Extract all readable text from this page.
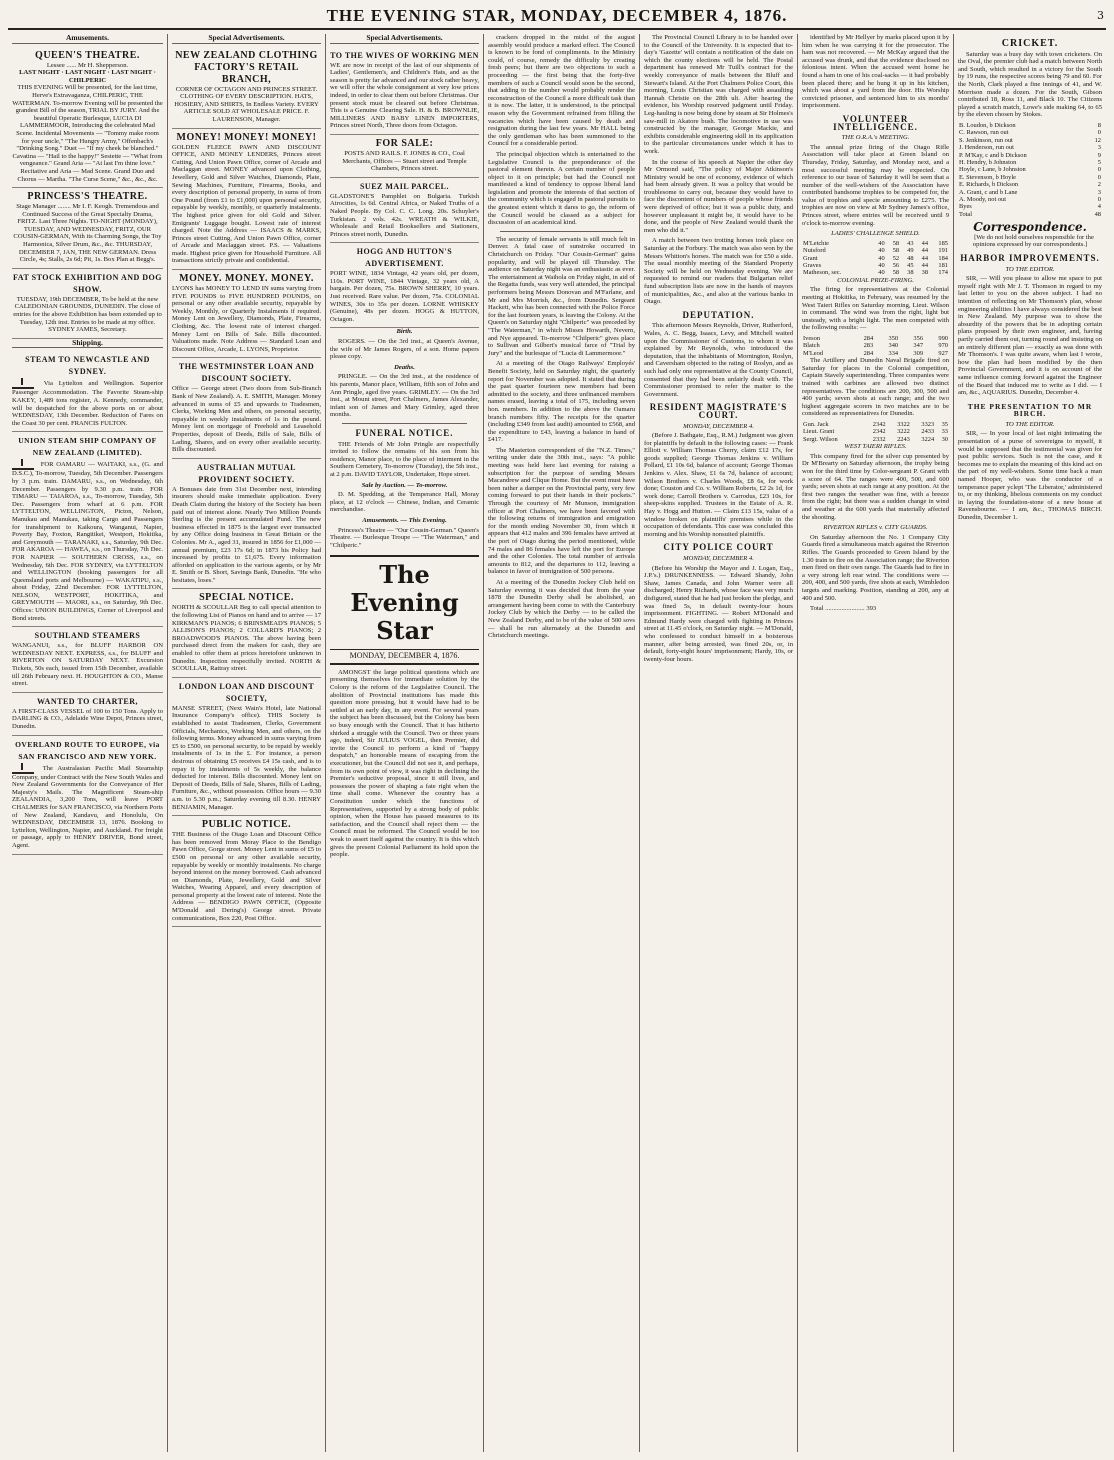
THE EVENING STAR, MONDAY, DECEMBER 4, 1876.	3
Amusements.
QUEEN'S THEATRE.
Lessee ...... Mr H. Shepperson.
LAST NIGHT · LAST NIGHT · LAST NIGHT · CHILPERIC
THIS EVENING Will be presented, for the last time, Herve's Extravaganza, CHILPERIC, THE WATERMAN. To-morrow Evening will be presented the grandest Bill of the season, TRIAL BY JURY. And the beautiful Operatic Burlesque, LUCIA DI LAMMERMOOR, Introducing the celebrated Mad Scene. Incidental Movements — "Tommy make room for your uncle," "The Hungry Army," Offenbach's "Drinking Song." Duet — "If my cheek be blanched." Cavatina — "Hail to the happy!" Sestette — "What from vengeance." Grand Aria — "At last I'm thine love." Recitative and Aria — Mad Scene. Grand Duo and Chorus — Martha. "The Curse Scene," &c., &c., &c.
PRINCESS'S THEATRE.
Stage Manager ........ Mr I. F. Keogh. Tremendous and Continued Success of the Great Specialty Drama, FRITZ. Last Three Nights. TO-NIGHT (MONDAY), TUESDAY, AND WEDNESDAY, FRITZ, OUR COUSIN-GERMAN, With its Charming Songs, the Toy Harmonica, Silver Drum, &c., &c. THURSDAY, DECEMBER 7, JAN, THE NEW GERMAN. Dress Circle, 4s; Stalls, 2s 6d; Pit, 1s. Box Plan at Begg's.
FAT STOCK EXHIBITION AND DOG SHOW.
TUESDAY, 19th DECEMBER, To be held at the new CALEDONIAN GROUNDS, DUNEDIN. The close of entries for the above Exhibition has been extended up to Tuesday, 12th inst. Entries to be made at my office. SYDNEY JAMES, Secretary.
Shipping.
STEAM TO NEWCASTLE AND SYDNEY.
Via Lyttelton and Wellington. Superior Passenger Accommodation. The Favorite Steam-ship KAKEY, 1,489 tons register, A. Kennedy, commander, will be despatched for the above ports on or about WEDNESDAY, 13th December. Reduction of Fares on the Coast 30 per cent. FRANCIS FULTON.
UNION STEAM SHIP COMPANY OF NEW ZEALAND (LIMITED).
FOR OAMARU — WAITAKI, s.s., (G. and D.S.C.), To-morrow, Tuesday, 5th December. Passengers by 3 p.m. train. DAMARU, s.s., on Wednesday, 6th December. Passengers by 9.30 p.m. train. FOR TIMARU — TAIAROA, s.s., To-morrow, Tuesday, 5th Dec. Passengers from wharf at 6 p.m. FOR LYTTELTON, WELLINGTON, Picton, Nelson, Manukau and Manukau, taking Cargo and Passengers for transhipment to Kaikoura, Wanganui, Napier, Poverty Bay, Foxton, Rangitikei, Westport, Hokitika, and Greymouth — TARANAKI, s.s., Saturday, 9th Dec. FOR AKAROA — HAWEA, s.s., on Thursday, 7th Dec. FOR NAPIER — SOUTHERN CROSS, s.s., on Wednesday, 6th Dec. FOR SYDNEY, via LYTTELTON and WELLINGTON (booking passengers for all Queensland ports and Melbourne) — WAKATIPU, s.s., about Friday, 22nd December. FOR LYTTELTON, NELSON, WESTPORT, HOKITIKA, and GREYMOUTH — MAORI, s.s., on Saturday, 9th Dec. Offices: UNION BUILDINGS, Corner of Liverpool and Bond streets.
SOUTHLAND STEAMERS
WANGANUI, s.s., for BLUFF HARBOR ON WEDNESDAY NEXT. EXPRESS, s.s., for BLUFF and RIVERTON ON SATURDAY NEXT. Excursion Tickets, 50s each, issued from 15th December, available till 26th February next. H. HOUGHTON & CO., Manse street.
WANTED TO CHARTER,
A FIRST-CLASS VESSEL of 100 to 150 Tons. Apply to DARLING & CO., Adelaide Wine Depot, Princes street, Dunedin.
OVERLAND ROUTE TO EUROPE, via SAN FRANCISCO AND NEW YORK.
The Australasian Pacific Mail Steamship Company, under Contract with the New South Wales and New Zealand Governments for the Conveyance of Her Majesty's Mails. The Magnificent Steam-ship ZEALANDIA, 3,200 Tons, will leave PORT CHALMERS for SAN FRANCISCO, via Northern Ports of New Zealand, Kandavu, and Honolulu, On WEDNESDAY, DECEMBER 13, 1876. Booking to Lyttelton, Wellington, Napier, and Auckland. For freight or passage, apply to HENRY DRIVER, Bond street, Agent.
Special Advertisements.
NEW ZEALAND CLOTHING FACTORY'S RETAIL BRANCH,
CORNER OF OCTAGON AND PRINCES STREET. CLOTHING OF EVERY DESCRIPTION. HATS, HOSIERY, AND SHIRTS, In Endless Variety. EVERY ARTICLE SOLD AT WHOLESALE PRICE. F. LAURENSON, Manager.
MONEY! MONEY! MONEY!
GOLDEN FLEECE PAWN AND DISCOUNT OFFICE, AND MONEY LENDERS, Princes street Cutting, And Union Pawn Office, corner of Arcade and Maclaggan street. MONEY advanced upon Clothing, Jewellery, Gold and Silver Watches, Diamonds, Plate, Sewing Machines, Furniture, Firearms, Books, and every description of personal property, in sums of from One Pound (from £1 to £1,000) upon personal security, repayable by weekly, monthly, or quarterly instalments. The highest price given for old Gold and Silver. Emigrants' Luggage bought. Lowest rate of interest charged. Note the Address — ISAACS & MARKS, Princes street Cutting, And Union Pawn Office, corner of Arcade and Maclaggan street. P.S. — Valuations made. Highest price given for Household Furniture. All transactions strictly private and confidential.
MONEY. MONEY. MONEY.
LYONS has MONEY TO LEND IN sums varying from FIVE POUNDS to FIVE HUNDRED POUNDS, on personal or any other available security, repayable by Weekly, Monthly, or Quarterly Instalments if required. Money Lent on Jewellery, Diamonds, Plate, Firearms, Clothing, &c. The lowest rate of interest charged. Money Lent on Bills of Sale. Bills discounted. Valuations made. Note Address — Standard Loan and Discount Office, Arcade, L. LYONS, Proprietor.
THE WESTMINSTER LOAN AND DISCOUNT SOCIETY.
Office — George street (Two doors from Sub-Branch Bank of New Zealand). A. E. SMITH, Manager. Money advanced in sums of £5 and upwards to Tradesmen, Clerks, Working Men and others, on personal security, repayable in weekly instalments of 1s in the pound. Money lent on mortgage of Freehold and Leasehold Properties, deposit of Deeds, Bills of Sale, Bills of Lading, Shares, and on every other available security. Bills discounted.
AUSTRALIAN MUTUAL PROVIDENT SOCIETY.
A Bonuses date from 31st December next, intending insurers should make immediate application. Every Death Claim during the history of the Society has been paid out of interest alone. Nearly Two Million Pounds Sterling is the present accumulated Fund. The new business effected in 1875 is the largest ever transacted by any Office doing business in Great Britain or the Colonies. Mr A., aged 31, insured in 1856 for £1,000 — annual premium, £23 17s 6d; in 1873 his Policy had increased by profits to £1,675. Every information afforded on application to the various agents, or by Mr E. Smith or B. Short, Savings Bank, Dunedin. "He who hesitates, loses."
SPECIAL NOTICE.
NORTH & SCOULLAR Beg to call special attention to the following List of Pianos on hand and to arrive — 17 KIRKMAN'S PIANOS; 6 BRINSMEAD'S PIANOS; 5 ALLISON'S PIANOS; 2 COLLARD'S PIANOS; 2 BROADWOOD'S PIANOS. The above having been purchased direct from the makers for cash, they are enabled to offer them at prices heretofore unknown in Dunedin. Inspection respectfully invited. NORTH & SCOULLAR, Rattray street.
LONDON LOAN AND DISCOUNT SOCIETY,
MANSE STREET, (Next Wain's Hotel, late National Insurance Company's office). THIS Society is established to assist Tradesmen, Clerks, Government Officials, Mechanics, Working Men, and others, on the following terms. Money advanced in sums varying from £5 to £500, on personal security, to be repaid by weekly instalments of 1s in the £. For instance, a person desirous of obtaining £5 receives £4 15s cash, and is to repay it by instalments of 5s weekly, the balance deducted for interest. Bills discounted. Money lent on Deposit of Deeds, Bills of Sale, Shares, Bills of Lading, Furniture, &c., without possession. Office hours — 9.30 a.m. to 5.30 p.m.; Saturday evening till 8.30. HENRY BENJAMIN, Manager.
PUBLIC NOTICE.
THE Business of the Otago Loan and Discount Office has been removed from Moray Place to the Bendigo Pawn Office, Gorge street. Money Lent in sums of £5 to £500 on personal or any other available security, repayable by weekly or monthly instalments. No charge beyond interest on the money borrowed. Cash advanced on Diamonds, Plate, Jewellery, Gold and Silver Watches, Wearing Apparel, and every description of personal property at the lowest rate of interest. Note the Address — BENDIGO PAWN OFFICE, (Opposite M'Donald and Dering's) George street. Private communications, Box 220, Post Office.
Special Advertisements.
TO THE WIVES OF WORKING MEN
WE are now in receipt of the last of our shipments of Ladies', Gentlemen's, and Children's Hats, and as the season is pretty far advanced and our stock rather heavy, we will offer the whole consignment at very low prices indeed, in order to clear them out before Christmas. Our present stock must be cleared out before Christmas. This is a Genuine Clearing Sale. H. & B. BROWNLIE, MILLINERS AND BABY LINEN IMPORTERS, Princes street North, Three doors from Octagon.
FOR SALE:
POSTS AND RAILS. F. JONES & CO., Coal Merchants, Offices — Stuart street and Temple Chambers, Princes street.
SUEZ MAIL PARCEL.
GLADSTONE'S Pamphlet on Bulgaria. Turkish Atrocities, 1s 6d. Central Africa, or Naked Truths of a Naked People. By Col. C. C. Long. 20s. Schuyler's Turkistan. 2 vols. 42s. WREATH & WILKIE, Wholesale and Retail Booksellers and Stationers, Princes street north, Dunedin.
HOGG AND HUTTON'S ADVERTISEMENT.
PORT WINE, 1834 Vintage, 42 years old, per dozen, 110s. PORT WINE, 1844 Vintage, 32 years old, A bargain. Per dozen, 75s. BROWN SHERRY, 10 years. Just received. Rare value. Per dozen, 75s. COLONIAL WINES, 30s to 35s per dozen. LORNE WHISKEY (Genuine), 48s per dozen. HOGG & HUTTON, Octagon.
Birth.

ROGERS. — On the 3rd inst., at Queen's Avenue, the wife of Mr James Rogers, of a son. Home papers please copy.

Deaths.

PRINGLE. — On the 3rd inst., at the residence of his parents, Manor place, William, fifth son of John and Ann Pringle, aged five years. GRIMLEY. — On the 3rd inst., at Mount street, Port Chalmers, James Alexander, infant son of James and Mary Grimley, aged three months.

FUNERAL NOTICE.

THE Friends of Mr John Pringle are respectfully invited to follow the remains of his son from his residence, Manor place, to the place of interment in the Southern Cemetery, To-morrow (Tuesday), the 5th inst., at 2 p.m. DAVID TAYLOR, Undertaker, Hope street.

Sale by Auction. — To-morrow.

D. M. Spedding, at the Temperance Hall, Moray place, at 12 o'clock — Chinese, Indian, and Ceramic merchandise.

Amusements. — This Evening.

Princess's Theatre — "Our Cousin-German." Queen's Theatre. — Burlesque Troupe — "The Waterman," and "Chilperic."

The Evening Star
MONDAY, DECEMBER 4, 1876.

AMONGST the large political questions which are presenting themselves for immediate solution by the Colony is the reform of the Legislative Council. The abolition of Provincial institutions has made this question more pressing, but it would have had to be settled at an early day, in any event. For several years the subject has been discussed, but the Colony has been so busy enough with the Council. That it has hitherto shirked a struggle with the Council. Two or three years ago, indeed, Sir JULIUS VOGEL, then Premier, did invite the Council to perform a kind of "happy despatch," an honorable means of escaping from the executioner, but the Council did not see it, and perhaps, from its own point of view, it was right in declining the Premier's seductive proposal, since it still lives, and possesses the power of shaping a fate right when the time shall come. Whenever the country has a Constitution under which the functions of Representatives, supported by a strong body of public opinion, when the House has passed measures to its satisfaction, and the Council shall reject them — the Council must be reformed. The Council would be too weak to assert itself against the country. It is this which gives the present Colonial Parliament its hold upon the people.

crackers dropped in the midst of the august assembly would produce a marked effect. The Council is known to be fond of compliments. In the Ministry could, of course, remedy the difficulty by creating fresh peers; but there are two objections to such a proceeding — the first being that the forty-five members of such a Council would soon be the second, that adding to the number would probably render the reconstruction of the Council a more difficult task than it is now. The latter, it is understood, is the principal reason why the Government refrained from filling the vacancies which have been caused by death and resignation during the last few years. Mr HALL being the only gentleman who has been summoned to the Council for a considerable period.

The principal objection which is entertained to the Legislative Council is the preponderance of the pastoral element therein. A certain number of people object to it on principle; but had the Council not manifested a kind of tendency to oppose liberal land legislation and promote the interests of that section of the community which is engaged in pastoral pursuits to the greatest extent which it dares to go, the reform of the Council would be classed as a subject for discussion of an academical kind.

The security of female servants is still much felt in Denver. A fatal case of sunstroke occurred in Christchurch on Friday. "Our Cousin-German" gains popularity, and will be played till Thursday. The audience on Saturday night was an enthusiastic as ever. The entertainment at Waihola on Friday night, in aid of the Regatta funds, was very well attended, the principal performers being Messrs Donovan and M'Farlane, and Mr and Mrs Morrish, &c., from Dunedin. Sergeant Hackett, who has been connected with the Police Force for the last fourteen years, is leaving the Colony. At the Queen's on Saturday night "Chilperic" was preceded by "The Waterman," in which Misses Howarth, Nevern, and Nye appeared. To-morrow "Chilperic" gives place to Sullivan and Gilbert's musical farce of "Trial by Jury" and the burlesque of "Lucia di Lammermoor."

At a meeting of the Otago Railways' Employés' Benefit Society, held on Saturday night, the quarterly report for November was adopted. It stated that during the past quarter fourteen new members had been admitted to the society, and three unfinanced members names erased, leaving a total of 175, including seven hon. members. In addition to the above the Oamaru branch numbers fifty. The receipts for the quarter (including £349 from last audit) amounted to £568, and the expenditure to £43, leaving a balance in hand of £417.

The Masterton correspondent of the "N.Z. Times," writing under date the 30th inst., says: "A public meeting was held here last evening for raising a subscription for the purpose of sending Messrs Macandrew and Clique Home. But the event must have been rather a damper on the Provincial party, very few coming forward to put their hands in their pockets." Through the courtesy of Mr Munson, immigration officer at Port Chalmers, we have been favored with the following returns of immigration and emigration for the month ending November 30, from which it appears that 412 males and 396 females have arrived at the port of Otago during the period mentioned, while 74 males and 86 females have left the port for Europe and the other Colonies. The total number of arrivals amounts to 812, and the departures to 112, leaving a balance in favor of immigration of 500 persons.

At a meeting of the Dunedin Jockey Club held on Saturday evening it was decided that from the year 1878 the Dunedin Derby shall be abolished, an arrangement having been come to with the Canterbury Jockey Club by which the Derby — to be called the New Zealand Derby, and to be of the value of 500 sovs — shall be run alternately at the Dunedin and Christchurch meetings.

The Provincial Council Library is to be handed over to the Council of the University. It is expected that to-day's 'Gazette' will contain a notification of the date on which the county elections will be held. The Postal department has renewed Mr Tuill's contract for the weekly conveyance of mails between the Bluff and Stewart's Island. At the Port Chalmers Police Court, this morning, Louis Christian was charged with assaulting Hannah Christie on the 28th ult. After hearing the evidence, his Worship reserved judgment until Friday. Leg-hauling is now being done by steam at Sir Holmes's saw-mill in Akatore bush. The locomotive in use was constructed by the manager, George Mackie, and exhibits considerable engineering skill in its application to the particular circumstances under which it has to work.

In the course of his speech at Napier the other day Mr Ormond said, "The policy of Major Atkinson's Ministry would be one of economy, evidence of which had been already given. It was a policy that would be troublesome to carry out, because they would have to face the discontent of numbers of people whose friends were deprived of office; but it was a public duty, and however unpleasant it might be, it would have to be done, and the people of New Zealand would thank the men who did it."

A match between two trotting horses took place on Saturday at the Forbury. The match was also won by the Messrs Whitton's horses. The match was for £50 a side. The usual monthly meeting of the Standard Property Society will be held on Wednesday evening. We are requested to remind our readers that Bulgarian relief fund subscription lists are now in the hands of mayors of municipalities, &c., and also at the various banks in Otago.

DEPUTATION.

This afternoon Messrs Reynolds, Driver, Rutherford, Wales, A. C. Begg, Isaacs, Levy, and Mitchell waited upon the Commissioner of Customs, to whom it was explained by Mr Reynolds, who introduced the deputation, that the inhabitants of Mornington, Roslyn, and Caversham objected to the rating of Roslyn, and as such had only one representative at the County Council, consented that they had been unfairly dealt with. The Commissioner promised to refer the matter to the Government.

RESIDENT MAGISTRATE'S COURT.
MONDAY, DECEMBER 4.

(Before J. Bathgate, Esq., R.M.) Judgment was given for plaintiffs by default in the following cases: — Frank Elliott v. William Thomas Cherry, claim £12 17s, for goods supplied; George Thomas Jenkins v. William Pollard, £1 10s 6d, balance of account; George Thomas Jenkins v. Alex. Shaw, £1 6s 7d, balance of account; Wilson Brothers v. Charles Woods, £8 6s, for work done; Couston and Co. v. William Roberts, £2 2s 1d, for work done; Carroll Brothers v. Carrodus, £23 10s, for sheep-skins supplied. Trustees in the Estate of A. R. Hay v. Hogg and Hutton. — Claim £13 15s, value of a window broken on plaintiffs' premises while in the occupation of defendants. This case was concluded this morning and his Worship nonsuited plaintiffs.

CITY POLICE COURT
MONDAY, DECEMBER 4.

(Before his Worship the Mayor and J. Logan, Esq., J.P.'s.) DRUNKENNESS. — Edward Shandy, John Shaw, James Canada, and John Warner were all discharged; Henry Richards, whose face was very much disfigured, stated that he had just broken the pledge, and was fined 5s, in default twenty-four hours imprisonment. FIGHTING. — Robert M'Donald and Edmund Hardy were charged with fighting in Princes street at 11.45 o'clock, on Saturday night. — M'Donald, who confessed to conduct himself in a boisterous manner, after being arrested, was fined 20s, or, in default, forty-eight hours' imprisonment; Hardy, 10s, or twenty-four hours.

identified by Mr Hellyer by marks placed upon it by him when he was carrying it for the prosecutor. The ham was not recovered. — Mr McKay argued that the accused was drunk, and that the evidence disclosed no felonious intent. When the accused went home he found a ham in one of his coal-sacks — it had probably been placed there; and he hung it up in his kitchen, which was about a yard from the door. His Worship convicted prisoner, and sentenced him to six months' imprisonment.

VOLUNTEER INTELLIGENCE.
THE O.R.A.'s MEETING.

The annual prize firing of the Otago Rifle Association will take place at Green Island on Thursday, Friday, Saturday, and Monday next, and a most successful meeting may be expected. On reference to our issue of Saturday it will be seen that a number of the well-wishers of the Association have contributed handsome trophies to be competed for, the value of trophies and specie amounting to £275. The trophies are now on view at Mr Sydney James's office, Princes street, where entries will be received until 9 o'clock to-morrow evening.

LADIES' CHALLENGE SHIELD.
M'Letchie	40	58	43	44	185
Nutsford	40	58	49	44	191
Grant	40	52	48	44	184
Graves	40	56	45	44	181
Matheson, sec.	40	58	38	38	174
COLONIAL PRIZE-FIRING.

The firing for representatives at the Colonial meeting at Hokitika, in February, was resumed by the West Taieri Rifles on Saturday morning, Lieut. Wilson in command. The wind was from the right, light but unsteady, with a bright light. The men competed with the following results: —

Iveson	284	350	356	990
Blatch	283	340	347	970
M'Leod	284	334	309	927

The Artillery and Dunedin Naval Brigade fired on Saturday for places in the Colonial competition, Captain Stavely superintending. Three companies were trained with carbines are allowed two distinct representatives. The conditions are 200, 300, 500 and 400 yards; seven shots at each range; and the two highest aggregate scorers in two matches are to be considered as representatives for Dunedin.

Gun. Jack	2342	3322	3323	35
Lieut. Grant	2342	3222	2433	33
Sergt. Wilson	2332	2243	3224	30
WEST TAIERI RIFLES.

This company fired for the silver cup presented by Dr M'Brearty on Saturday afternoon, the trophy being won for the third time by Color-sergeant P. Grant with a score of 64. The ranges were 400, 500, and 600 yards; seven shots at each range at any position. At the first two ranges the weather was fine, with a breeze from the right; but there was a sudden change in wind and weather at the 600 yards that materially affected the shooting.

RIVERTON RIFLES v. CITY GUARDS.

On Saturday afternoon the No. 1 Company City Guards fired a simultaneous match against the Riverton Rifles. The Guards proceeded to Green Island by the 1.30 train to fire on the Association range; the Riverton men fired on their own range. The Guards had to fire in a very strong left rear wind. The conditions were — 200, 400, and 500 yards, five shots at each, Wimbledon targets and marking. Position, standing at 200, any at 400 and 500.

Total ........................ 393

CRICKET.

Saturday was a busy day with town cricketers. On the Oval, the premier club had a match between North and South, which resulted in a victory for the South by 19 runs, the respective scores being 79 and 60. For the North, Clark played a fine innings of 41, and W. Morrison made a dozen. For the South, Gibson contributed 18, Ross 11, and Black 10. The Citizens played a scratch match, Lowe's side making 64, to 65 by the eleven chosen by Stokes.

B. Loudon, b Dickson	8
C. Rawson, run out	0
S. Jenkinson, run out	12
J. Henderson, run out	3
P. M'Kay, c and b Dickson	9
H. Hendry, b Johnston	5
Hoyle, c Lane, b Johnston	0
E. Stevenson, b Hoyle	0
E. Richards, b Dickson	2
A. Grant, c and b Lane	3
A. Moody, not out	0
Byes	4
Total	48
Correspondence.

[We do not hold ourselves responsible for the opinions expressed by our correspondents.]

HARBOR IMPROVEMENTS.
TO THE EDITOR.

SIR, — Will you please to allow me space to put myself right with Mr J. T. Thomson in regard to my last letter to you on the above subject. I had no intention of reflecting on Mr Thomson's plan, whose engineering abilities I have always considered the best in New Zealand. My purpose was to show the absurdity of the powers that be in adopting certain plans proposed by their own engineer, and, having partly carried them out, turning round and insisting on an entirely different plan — exactly as was done with Mr Thomson's. I was quite aware, when last I wrote, how the plan had been modified by the then Provincial Government, and it is on account of the same influence coming forward against the Engineer of the Board that induced me to write as I did. — I am, &c., AQUARIUS. Dunedin, December 4.

THE PRESENTATION TO MR BIRCH.
TO THE EDITOR.

SIR, — In your local of last night intimating the presentation of a purse of sovereigns to myself, it would be supposed that the testimonial was given for past public services. Such is not the case, and it becomes me to explain the meaning of this kind act on the part of my well-wishers. Some time back a man named Hooper, who was the conductor of a temperance paper yclept 'The Liberator,' administered to, or my thinking, libelous comments on my conduct in laying the foundation-stone of a new house at Ravensbourne. — I am, &c., THOMAS BIRCH. Dunedin, December 1.
